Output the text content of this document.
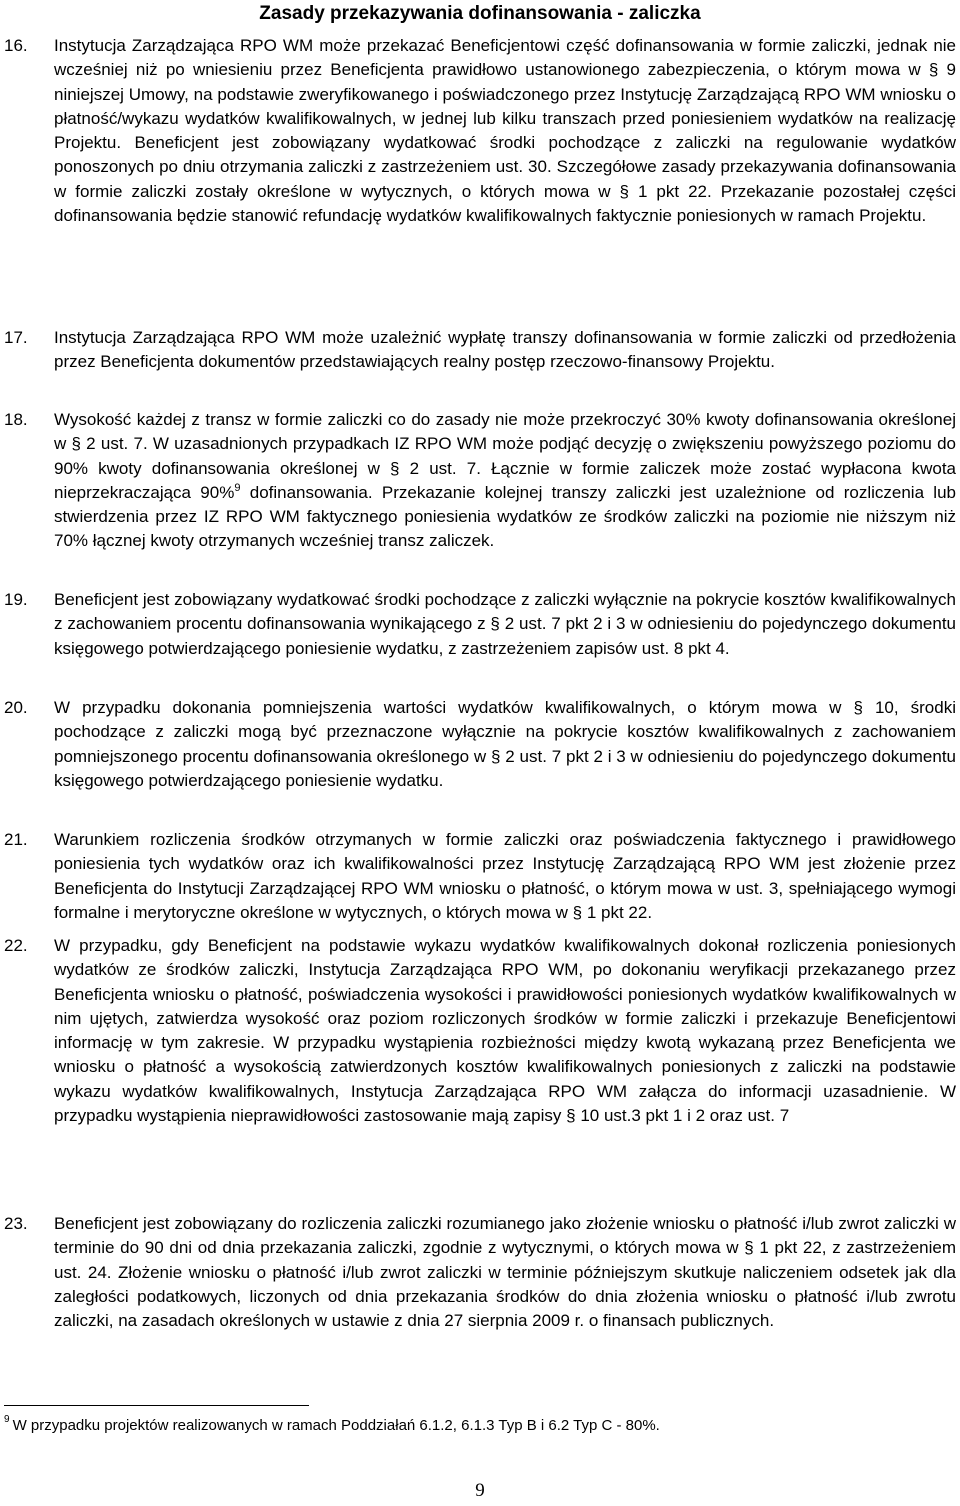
Zasady przekazywania dofinansowania - zaliczka
16.	Instytucja Zarządzająca RPO WM może przekazać Beneficjentowi część dofinansowania w formie zaliczki, jednak nie wcześniej niż po wniesieniu przez Beneficjenta prawidłowo ustanowionego zabezpieczenia, o którym mowa w § 9 niniejszej Umowy, na podstawie zweryfikowanego i poświadczonego przez Instytucję Zarządzającą RPO WM wniosku o płatność/wykazu wydatków kwalifikowalnych, w jednej lub kilku transzach przed poniesieniem wydatków na realizację Projektu. Beneficjent jest zobowiązany wydatkować środki pochodzące z zaliczki na regulowanie wydatków ponoszonych po dniu otrzymania zaliczki z zastrzeżeniem ust. 30. Szczegółowe zasady przekazywania dofinansowania w formie zaliczki zostały określone w wytycznych, o których mowa w § 1 pkt 22. Przekazanie pozostałej części dofinansowania będzie stanowić refundację wydatków kwalifikowalnych faktycznie poniesionych w ramach Projektu.
17.	Instytucja Zarządzająca RPO WM może uzależnić wypłatę transzy dofinansowania w formie zaliczki od przedłożenia przez Beneficjenta dokumentów przedstawiających realny postęp rzeczowo-finansowy Projektu.
18.	Wysokość każdej z transz w formie zaliczki co do zasady nie może przekroczyć 30% kwoty dofinansowania określonej w § 2 ust. 7. W uzasadnionych przypadkach IZ RPO WM może podjąć decyzję o zwiększeniu powyższego poziomu do 90% kwoty dofinansowania określonej w § 2 ust. 7. Łącznie w formie zaliczek może zostać wypłacona kwota nieprzekraczająca 90%$^9$ dofinansowania. Przekazanie kolejnej transzy zaliczki jest uzależnione od rozliczenia lub stwierdzenia przez IZ RPO WM faktycznego poniesienia wydatków ze środków zaliczki na poziomie nie niższym niż 70% łącznej kwoty otrzymanych wcześniej transz zaliczek.
19.	Beneficjent jest zobowiązany wydatkować środki pochodzące z zaliczki wyłącznie na pokrycie kosztów kwalifikowalnych z zachowaniem procentu dofinansowania wynikającego z § 2 ust. 7 pkt 2 i 3 w odniesieniu do pojedynczego dokumentu księgowego potwierdzającego poniesienie wydatku, z zastrzeżeniem zapisów ust. 8 pkt 4.
20.	W przypadku dokonania pomniejszenia wartości wydatków kwalifikowalnych, o którym mowa w § 10, środki pochodzące z zaliczki mogą być przeznaczone wyłącznie na pokrycie kosztów kwalifikowalnych z zachowaniem pomniejszonego procentu dofinansowania określonego w § 2 ust. 7 pkt 2 i 3 w odniesieniu do pojedynczego dokumentu księgowego potwierdzającego poniesienie wydatku.
21.	Warunkiem rozliczenia środków otrzymanych w formie zaliczki oraz poświadczenia faktycznego i prawidłowego poniesienia tych wydatków oraz ich kwalifikowalności przez Instytucję Zarządzającą RPO WM jest złożenie przez Beneficjenta do Instytucji Zarządzającej RPO WM wniosku o płatność, o którym mowa w ust. 3, spełniającego wymogi formalne i merytoryczne określone w wytycznych, o których mowa w § 1 pkt 22.
22.	W przypadku, gdy Beneficjent na podstawie wykazu wydatków kwalifikowalnych dokonał rozliczenia poniesionych wydatków ze środków zaliczki, Instytucja Zarządzająca RPO WM, po dokonaniu weryfikacji przekazanego przez Beneficjenta wniosku o płatność, poświadczenia wysokości i prawidłowości poniesionych wydatków kwalifikowalnych w nim ujętych, zatwierdza wysokość oraz poziom rozliczonych środków w formie zaliczki i przekazuje Beneficjentowi informację w tym zakresie. W przypadku wystąpienia rozbieżności między kwotą wykazaną przez Beneficjenta we wniosku o płatność a wysokością zatwierdzonych kosztów kwalifikowalnych poniesionych z zaliczki na podstawie wykazu wydatków kwalifikowalnych, Instytucja Zarządzająca RPO WM załącza do informacji uzasadnienie. W przypadku wystąpienia nieprawidłowości zastosowanie mają zapisy § 10 ust.3 pkt 1 i 2 oraz ust. 7
23.	Beneficjent jest zobowiązany do rozliczenia zaliczki rozumianego jako złożenie wniosku o płatność i/lub zwrot zaliczki w terminie do 90 dni od dnia przekazania zaliczki, zgodnie z wytycznymi, o których mowa w § 1 pkt 22, z zastrzeżeniem ust. 24. Złożenie wniosku o płatność i/lub zwrot zaliczki w terminie późniejszym skutkuje naliczeniem odsetek jak dla zaległości podatkowych, liczonych od dnia przekazania środków do dnia złożenia wniosku o płatność i/lub zwrotu zaliczki, na zasadach określonych w ustawie z dnia 27 sierpnia 2009 r. o finansach publicznych.
$^9$ W przypadku projektów realizowanych w ramach Poddziałań 6.1.2, 6.1.3 Typ B i 6.2 Typ C - 80%.
9
